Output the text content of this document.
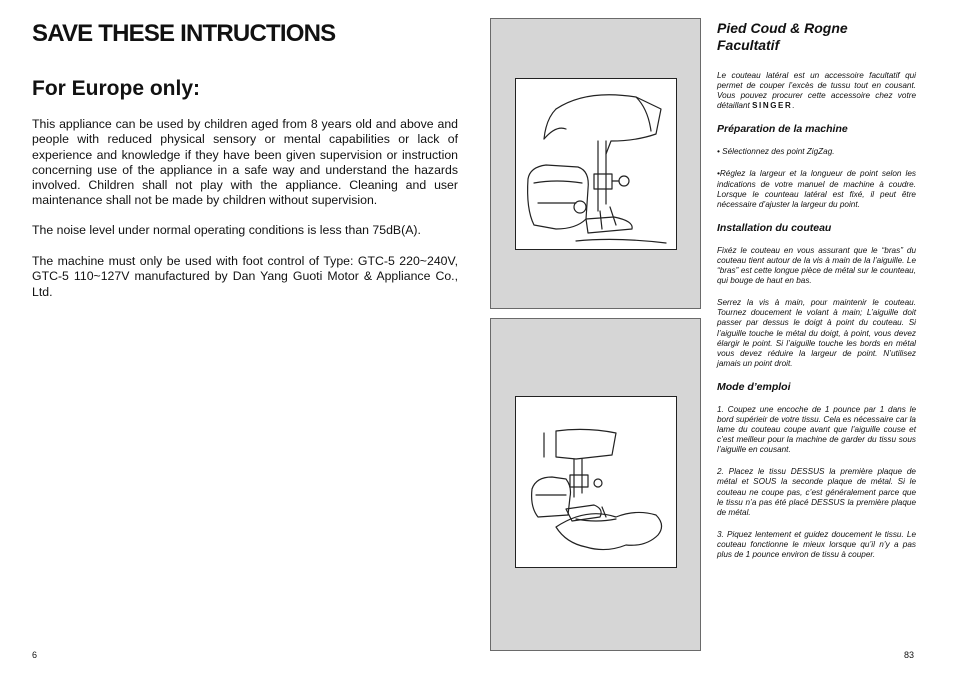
SAVE THESE INTRUCTIONS
For Europe only:

This appliance can be used by children aged from 8 years old and above and people with reduced physical sensory or mental capabilities or lack of experience and knowledge if they have been given supervision or instruction concerning use of the appliance in a safe way and understand the hazards involved. Children shall not play with the appliance. Cleaning and user maintenance shall not be made by children without supervision.

The noise level under normal operating conditions is less than 75dB(A).

The machine must only be used with foot control of Type: GTC-5 220~240V, GTC-5 110~127V manufactured by Dan Yang Guoti Motor & Appliance Co., Ltd.

6
Pied Coud & Rogne Facultatif

Le couteau latéral est un accessoire facultatif qui permet de couper l’excès de tussu tout en cousant. Vous pouvez procurer cette accessoire chez votre détaillant SINGER.

Préparation de la machine

• Sélectionnez des point ZigZag.

•Réglez la largeur et la longueur de point selon les indications de votre manuel de machine à coudre. Lorsque le counteau latéral est fixé, il peut être nécessaire d’ajuster la largeur du point.

Installation du couteau

Fixéz le couteau en vous assurant que le “bras” du couteau tient autour de la vis à main de la l’aiguille. Le “bras” est cette longue pièce de métal sur le counteau, qui bouge de haut en bas.

Serrez la vis à main, pour maintenir le couteau. Tournez doucement le volant à main; L’aiguille doit passer par dessus le doigt à point du couteau. Si l’aiguille touche le métal du doigt, à point, vous devez élargir le point. Si l’aiguille touche les bords en métal vous devez réduire la largeur de point. N’utilisez jamais un point droit.

Mode d’emploi

1. Coupez une encoche de 1 pounce par 1 dans le bord supérieir de votre tissu. Cela es nécessaire car la lame du couteau coupe avant que l’aiguille couse et c’est meilleur pour la machine de garder du tissu sous l’aiguille en cousant.

2. Placez le tissu DESSUS la première plaque de métal et SOUS la seconde plaque de métal. Si le couteau ne coupe pas, c’est généralement parce que le tissu n’a pas été placé DESSUS la première plaque de métal.

3. Piquez lentement et guidez doucement le tissu. Le couteau fonctionne le mieux lorsque qu’il n’y a pas plus de 1 pounce environ de tissu à couper.

83
